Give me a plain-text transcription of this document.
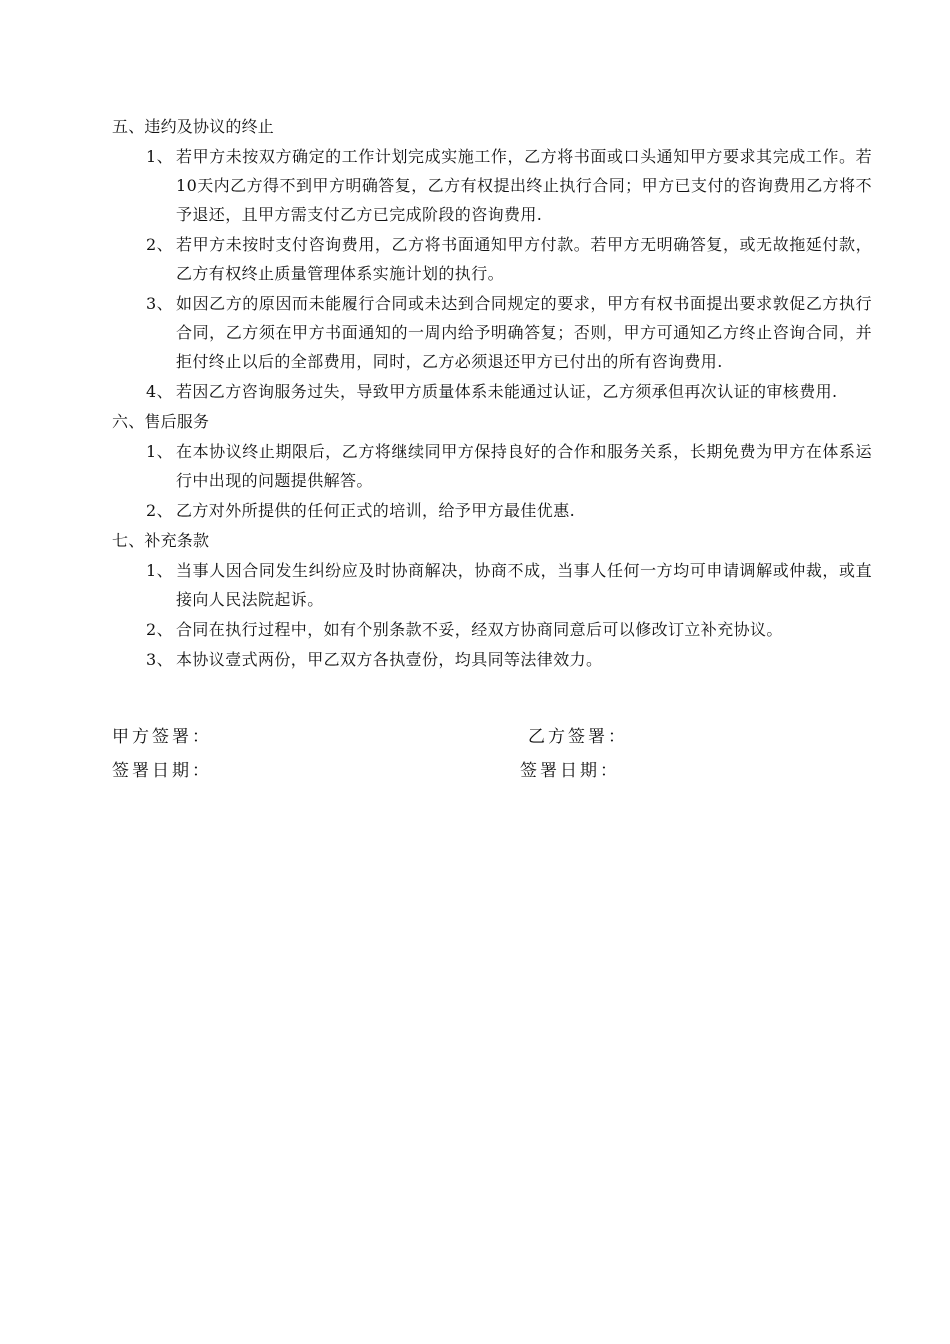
五、违约及协议的终止
1、 若甲方未按双方确定的工作计划完成实施工作，乙方将书面或口头通知甲方要求其完成工作。若10天内乙方得不到甲方明确答复，乙方有权提出终止执行合同；甲方已支付的咨询费用乙方将不予退还，且甲方需支付乙方已完成阶段的咨询费用.
2、 若甲方未按时支付咨询费用，乙方将书面通知甲方付款。若甲方无明确答复，或无故拖延付款，乙方有权终止质量管理体系实施计划的执行。
3、 如因乙方的原因而未能履行合同或未达到合同规定的要求，甲方有权书面提出要求敦促乙方执行合同，乙方须在甲方书面通知的一周内给予明确答复；否则，甲方可通知乙方终止咨询合同，并拒付终止以后的全部费用，同时，乙方必须退还甲方已付出的所有咨询费用.
4、 若因乙方咨询服务过失，导致甲方质量体系未能通过认证，乙方须承但再次认证的审核费用.
六、售后服务
1、 在本协议终止期限后，乙方将继续同甲方保持良好的合作和服务关系，长期免费为甲方在体系运行中出现的问题提供解答。
2、 乙方对外所提供的任何正式的培训，给予甲方最佳优惠.
七、补充条款
1、 当事人因合同发生纠纷应及时协商解决，协商不成，当事人任何一方均可申请调解或仲裁，或直接向人民法院起诉。
2、 合同在执行过程中，如有个别条款不妥，经双方协商同意后可以修改订立补充协议。
3、 本协议壹式两份，甲乙双方各执壹份，均具同等法律效力。
甲方签署：	乙方签署：
签署日期：	签署日期：
